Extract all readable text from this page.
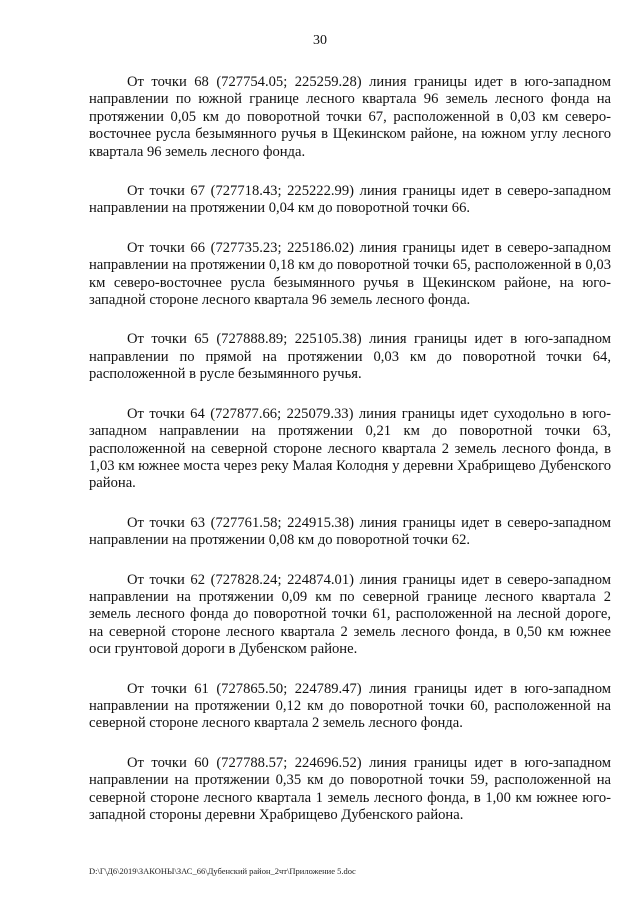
30

От точки 68 (727754.05; 225259.28) линия границы идет в юго-западном направлении по южной границе лесного квартала 96 земель лесного фонда на протяжении 0,05 км до поворотной точки 67, расположенной в 0,03 км северо-восточнее русла безымянного ручья в Щекинском районе, на южном углу лесного квартала 96 земель лесного фонда.

От точки 67 (727718.43; 225222.99) линия границы идет в северо-западном направлении на протяжении 0,04 км до поворотной точки 66.

От точки 66 (727735.23; 225186.02) линия границы идет в северо-западном направлении на протяжении 0,18 км до поворотной точки 65, расположенной в 0,03 км северо-восточнее русла безымянного ручья в Щекинском районе, на юго-западной стороне лесного квартала 96 земель лесного фонда.

От точки 65 (727888.89; 225105.38) линия границы идет в юго-западном направлении по прямой на протяжении 0,03 км до поворотной точки 64, расположенной в русле безымянного ручья.

От точки 64 (727877.66; 225079.33) линия границы идет суходольно в юго-западном направлении на протяжении 0,21 км до поворотной точки 63, расположенной на северной стороне лесного квартала 2 земель лесного фонда, в 1,03 км южнее моста через реку Малая Колодня у деревни Храбрищево Дубенского района.

От точки 63 (727761.58; 224915.38) линия границы идет в северо-западном направлении на протяжении 0,08 км до поворотной точки 62.

От точки 62 (727828.24; 224874.01) линия границы идет в северо-западном направлении на протяжении 0,09 км по северной границе лесного квартала 2 земель лесного фонда до поворотной точки 61, расположенной на лесной дороге, на северной стороне лесного квартала 2 земель лесного фонда, в 0,50 км южнее оси грунтовой дороги в Дубенском районе.

От точки 61 (727865.50; 224789.47) линия границы идет в юго-западном направлении на протяжении 0,12 км до поворотной точки 60, расположенной на северной стороне лесного квартала 2 земель лесного фонда.

От точки 60 (727788.57; 224696.52) линия границы идет в юго-западном направлении на протяжении 0,35 км до поворотной точки 59, расположенной на северной стороне лесного квартала 1 земель лесного фонда, в 1,00 км южнее юго-западной стороны деревни Храбрищево Дубенского района.

D:\Г\Д6\2019\ЗАКОНЫ\ЗАС_66\Дубенский район_2чт\Приложение 5.doc
